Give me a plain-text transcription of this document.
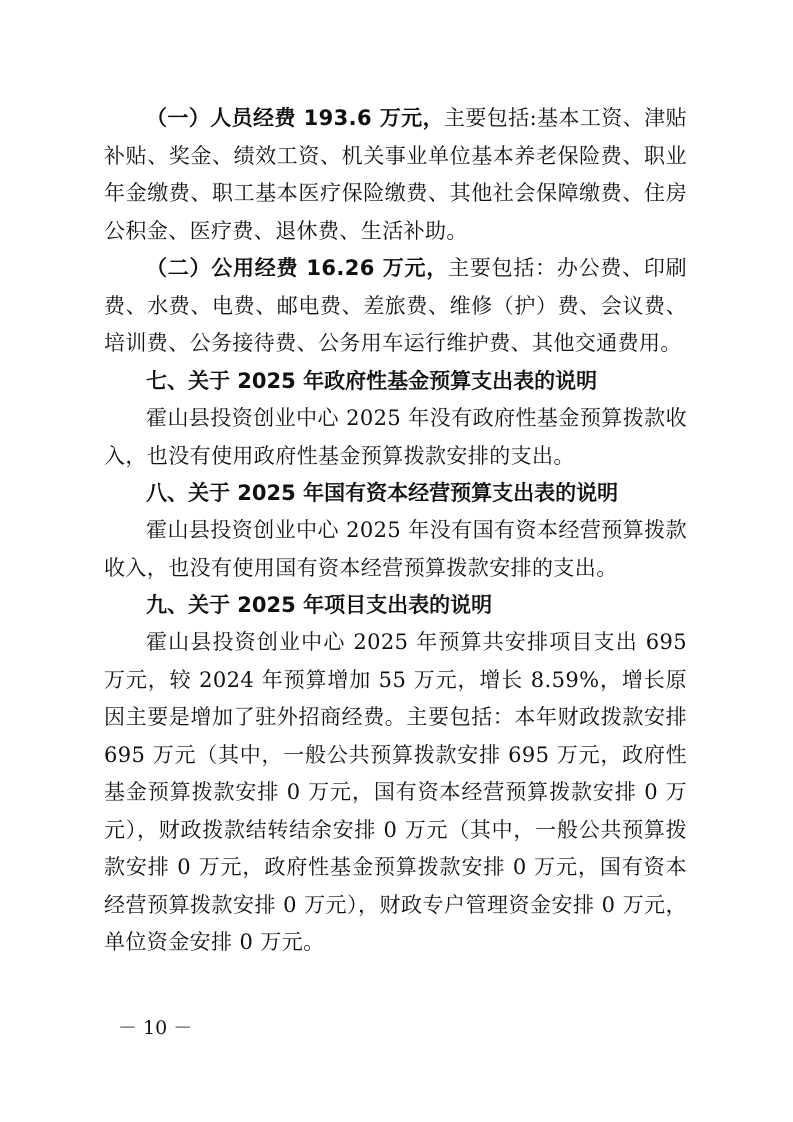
（一）人员经费 193.6 万元，主要包括:基本工资、津贴补贴、奖金、绩效工资、机关事业单位基本养老保险费、职业年金缴费、职工基本医疗保险缴费、其他社会保障缴费、住房公积金、医疗费、退休费、生活补助。

（二）公用经费 16.26 万元，主要包括：办公费、印刷费、水费、电费、邮电费、差旅费、维修（护）费、会议费、培训费、公务接待费、公务用车运行维护费、其他交通费用。

七、关于 2025 年政府性基金预算支出表的说明

霍山县投资创业中心 2025 年没有政府性基金预算拨款收入，也没有使用政府性基金预算拨款安排的支出。

八、关于 2025 年国有资本经营预算支出表的说明

霍山县投资创业中心 2025 年没有国有资本经营预算拨款收入，也没有使用国有资本经营预算拨款安排的支出。

九、关于 2025 年项目支出表的说明

霍山县投资创业中心 2025 年预算共安排项目支出 695 万元，较 2024 年预算增加 55 万元，增长 8.59%，增长原因主要是增加了驻外招商经费。主要包括：本年财政拨款安排 695 万元（其中，一般公共预算拨款安排 695 万元，政府性基金预算拨款安排 0 万元，国有资本经营预算拨款安排 0 万元），财政拨款结转结余安排 0 万元（其中，一般公共预算拨款安排 0 万元，政府性基金预算拨款安排 0 万元，国有资本经营预算拨款安排 0 万元），财政专户管理资金安排 0 万元，单位资金安排 0 万元。

－ 10 －
